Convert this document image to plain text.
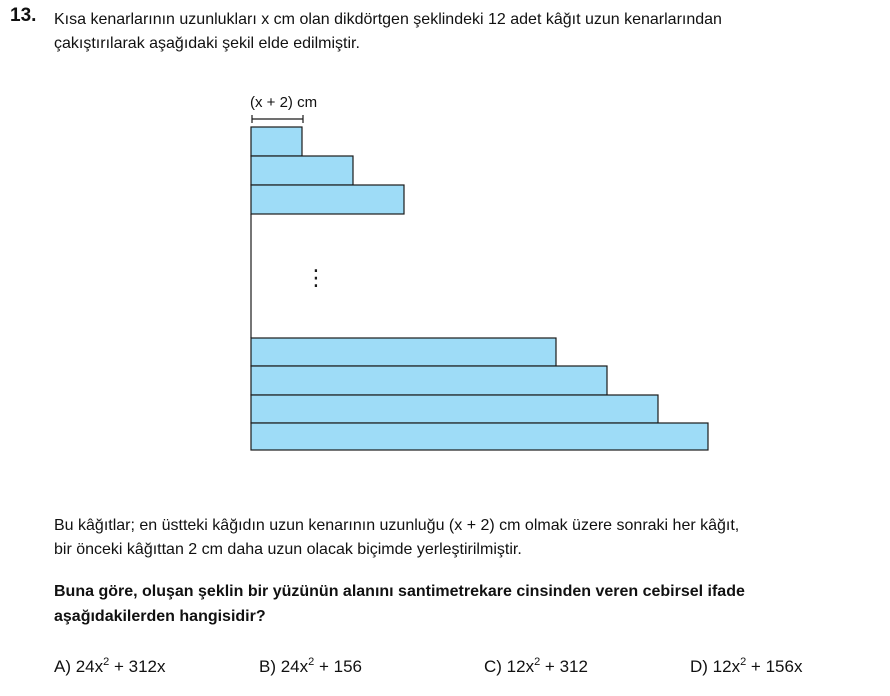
13. Kısa kenarlarının uzunlukları x cm olan dikdörtgen şeklindeki 12 adet kâğıt uzun kenarlarından
çakıştırılarak aşağıdaki şekil elde edilmiştir.
(x + 2) cm
⋮
Bu kâğıtlar; en üstteki kâğıdın uzun kenarının uzunluğu (x + 2) cm olmak üzere sonraki her kâğıt,
bir önceki kâğıttan 2 cm daha uzun olacak biçimde yerleştirilmiştir.
Buna göre, oluşan şeklin bir yüzünün alanını santimetrekare cinsinden veren cebirsel ifade
aşağıdakilerden hangisidir?
A) $24x^2 + 312x$	B) $24x^2 + 156$	C) $12x^2 + 312$	D) $12x^2 + 156x$
